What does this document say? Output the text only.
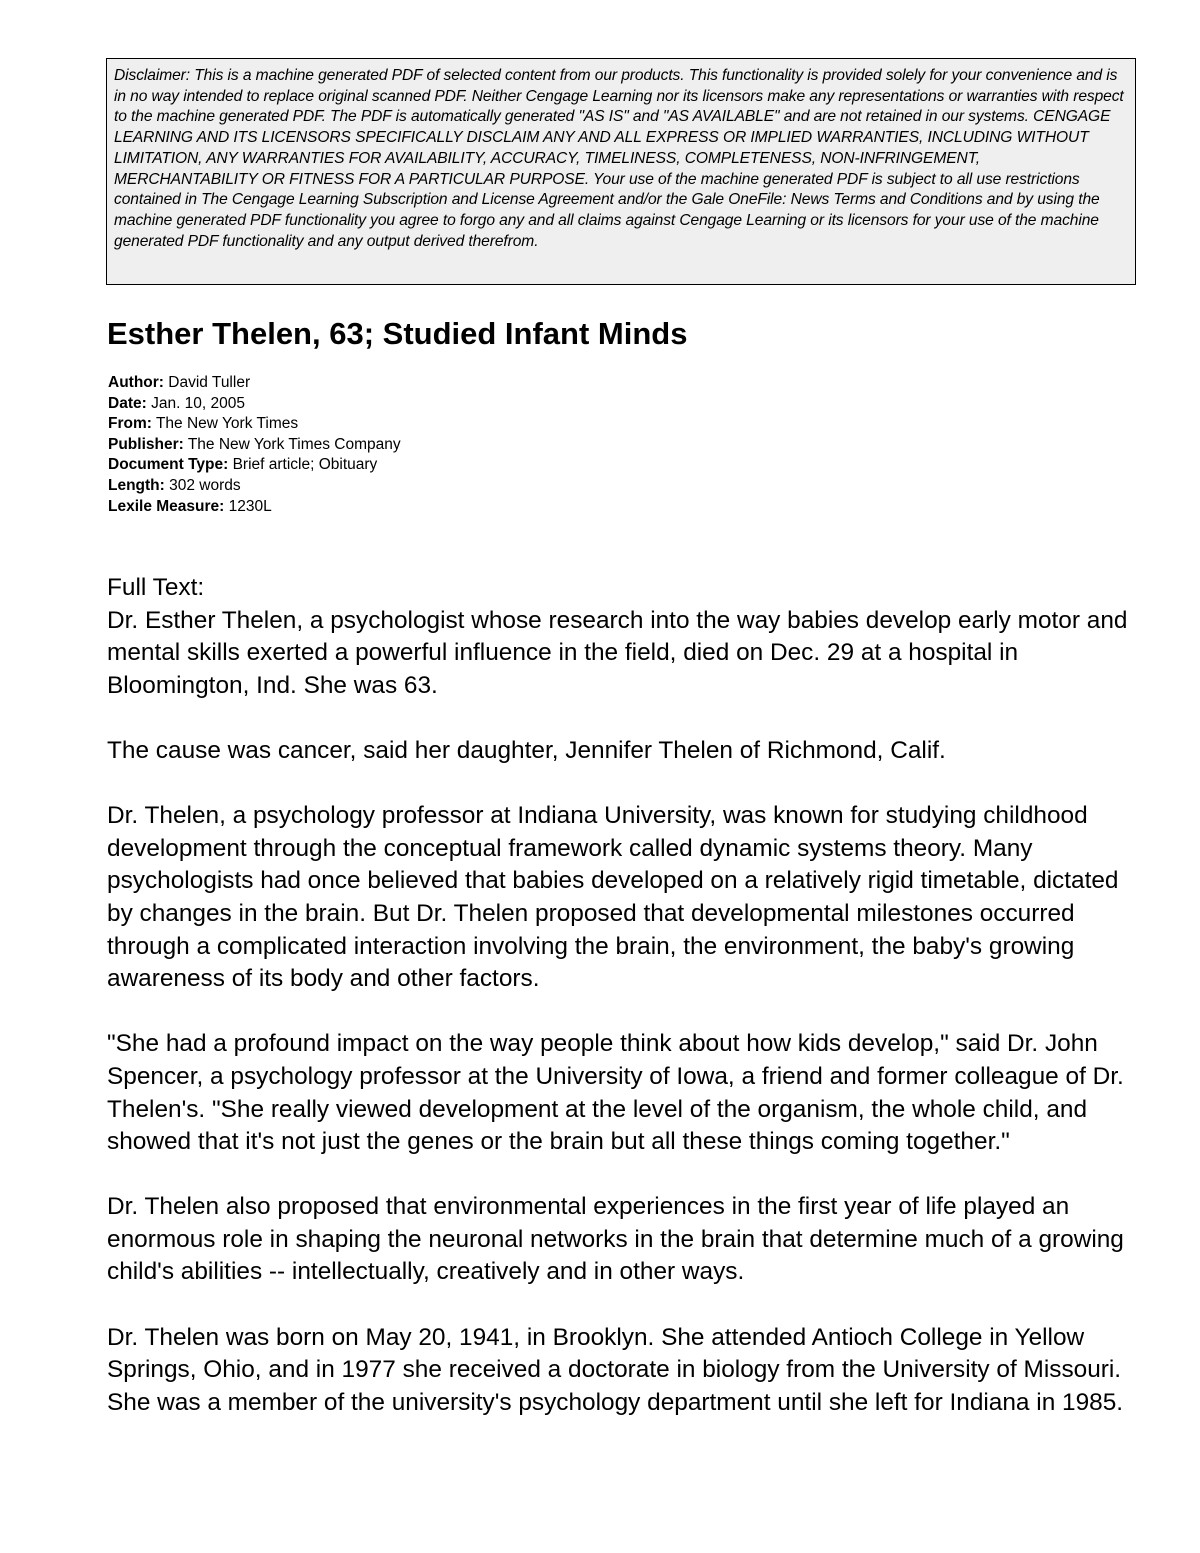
Disclaimer: This is a machine generated PDF of selected content from our products. This functionality is provided solely for your convenience and is in no way intended to replace original scanned PDF. Neither Cengage Learning nor its licensors make any representations or warranties with respect to the machine generated PDF. The PDF is automatically generated "AS IS" and "AS AVAILABLE" and are not retained in our systems. CENGAGE LEARNING AND ITS LICENSORS SPECIFICALLY DISCLAIM ANY AND ALL EXPRESS OR IMPLIED WARRANTIES, INCLUDING WITHOUT LIMITATION, ANY WARRANTIES FOR AVAILABILITY, ACCURACY, TIMELINESS, COMPLETENESS, NON-INFRINGEMENT, MERCHANTABILITY OR FITNESS FOR A PARTICULAR PURPOSE. Your use of the machine generated PDF is subject to all use restrictions contained in The Cengage Learning Subscription and License Agreement and/or the Gale OneFile: News Terms and Conditions and by using the machine generated PDF functionality you agree to forgo any and all claims against Cengage Learning or its licensors for your use of the machine generated PDF functionality and any output derived therefrom.
Esther Thelen, 63; Studied Infant Minds
Author: David Tuller
Date: Jan. 10, 2005
From: The New York Times
Publisher: The New York Times Company
Document Type: Brief article; Obituary
Length: 302 words
Lexile Measure: 1230L

Full Text:

Dr. Esther Thelen, a psychologist whose research into the way babies develop early motor and mental skills exerted a powerful influence in the field, died on Dec. 29 at a hospital in Bloomington, Ind. She was 63.

The cause was cancer, said her daughter, Jennifer Thelen of Richmond, Calif.

Dr. Thelen, a psychology professor at Indiana University, was known for studying childhood development through the conceptual framework called dynamic systems theory. Many psychologists had once believed that babies developed on a relatively rigid timetable, dictated by changes in the brain. But Dr. Thelen proposed that developmental milestones occurred through a complicated interaction involving the brain, the environment, the baby's growing awareness of its body and other factors.

"She had a profound impact on the way people think about how kids develop," said Dr. John Spencer, a psychology professor at the University of Iowa, a friend and former colleague of Dr. Thelen's. "She really viewed development at the level of the organism, the whole child, and showed that it's not just the genes or the brain but all these things coming together."

Dr. Thelen also proposed that environmental experiences in the first year of life played an enormous role in shaping the neuronal networks in the brain that determine much of a growing child's abilities -- intellectually, creatively and in other ways.

Dr. Thelen was born on May 20, 1941, in Brooklyn. She attended Antioch College in Yellow Springs, Ohio, and in 1977 she received a doctorate in biology from the University of Missouri. She was a member of the university's psychology department until she left for Indiana in 1985.
